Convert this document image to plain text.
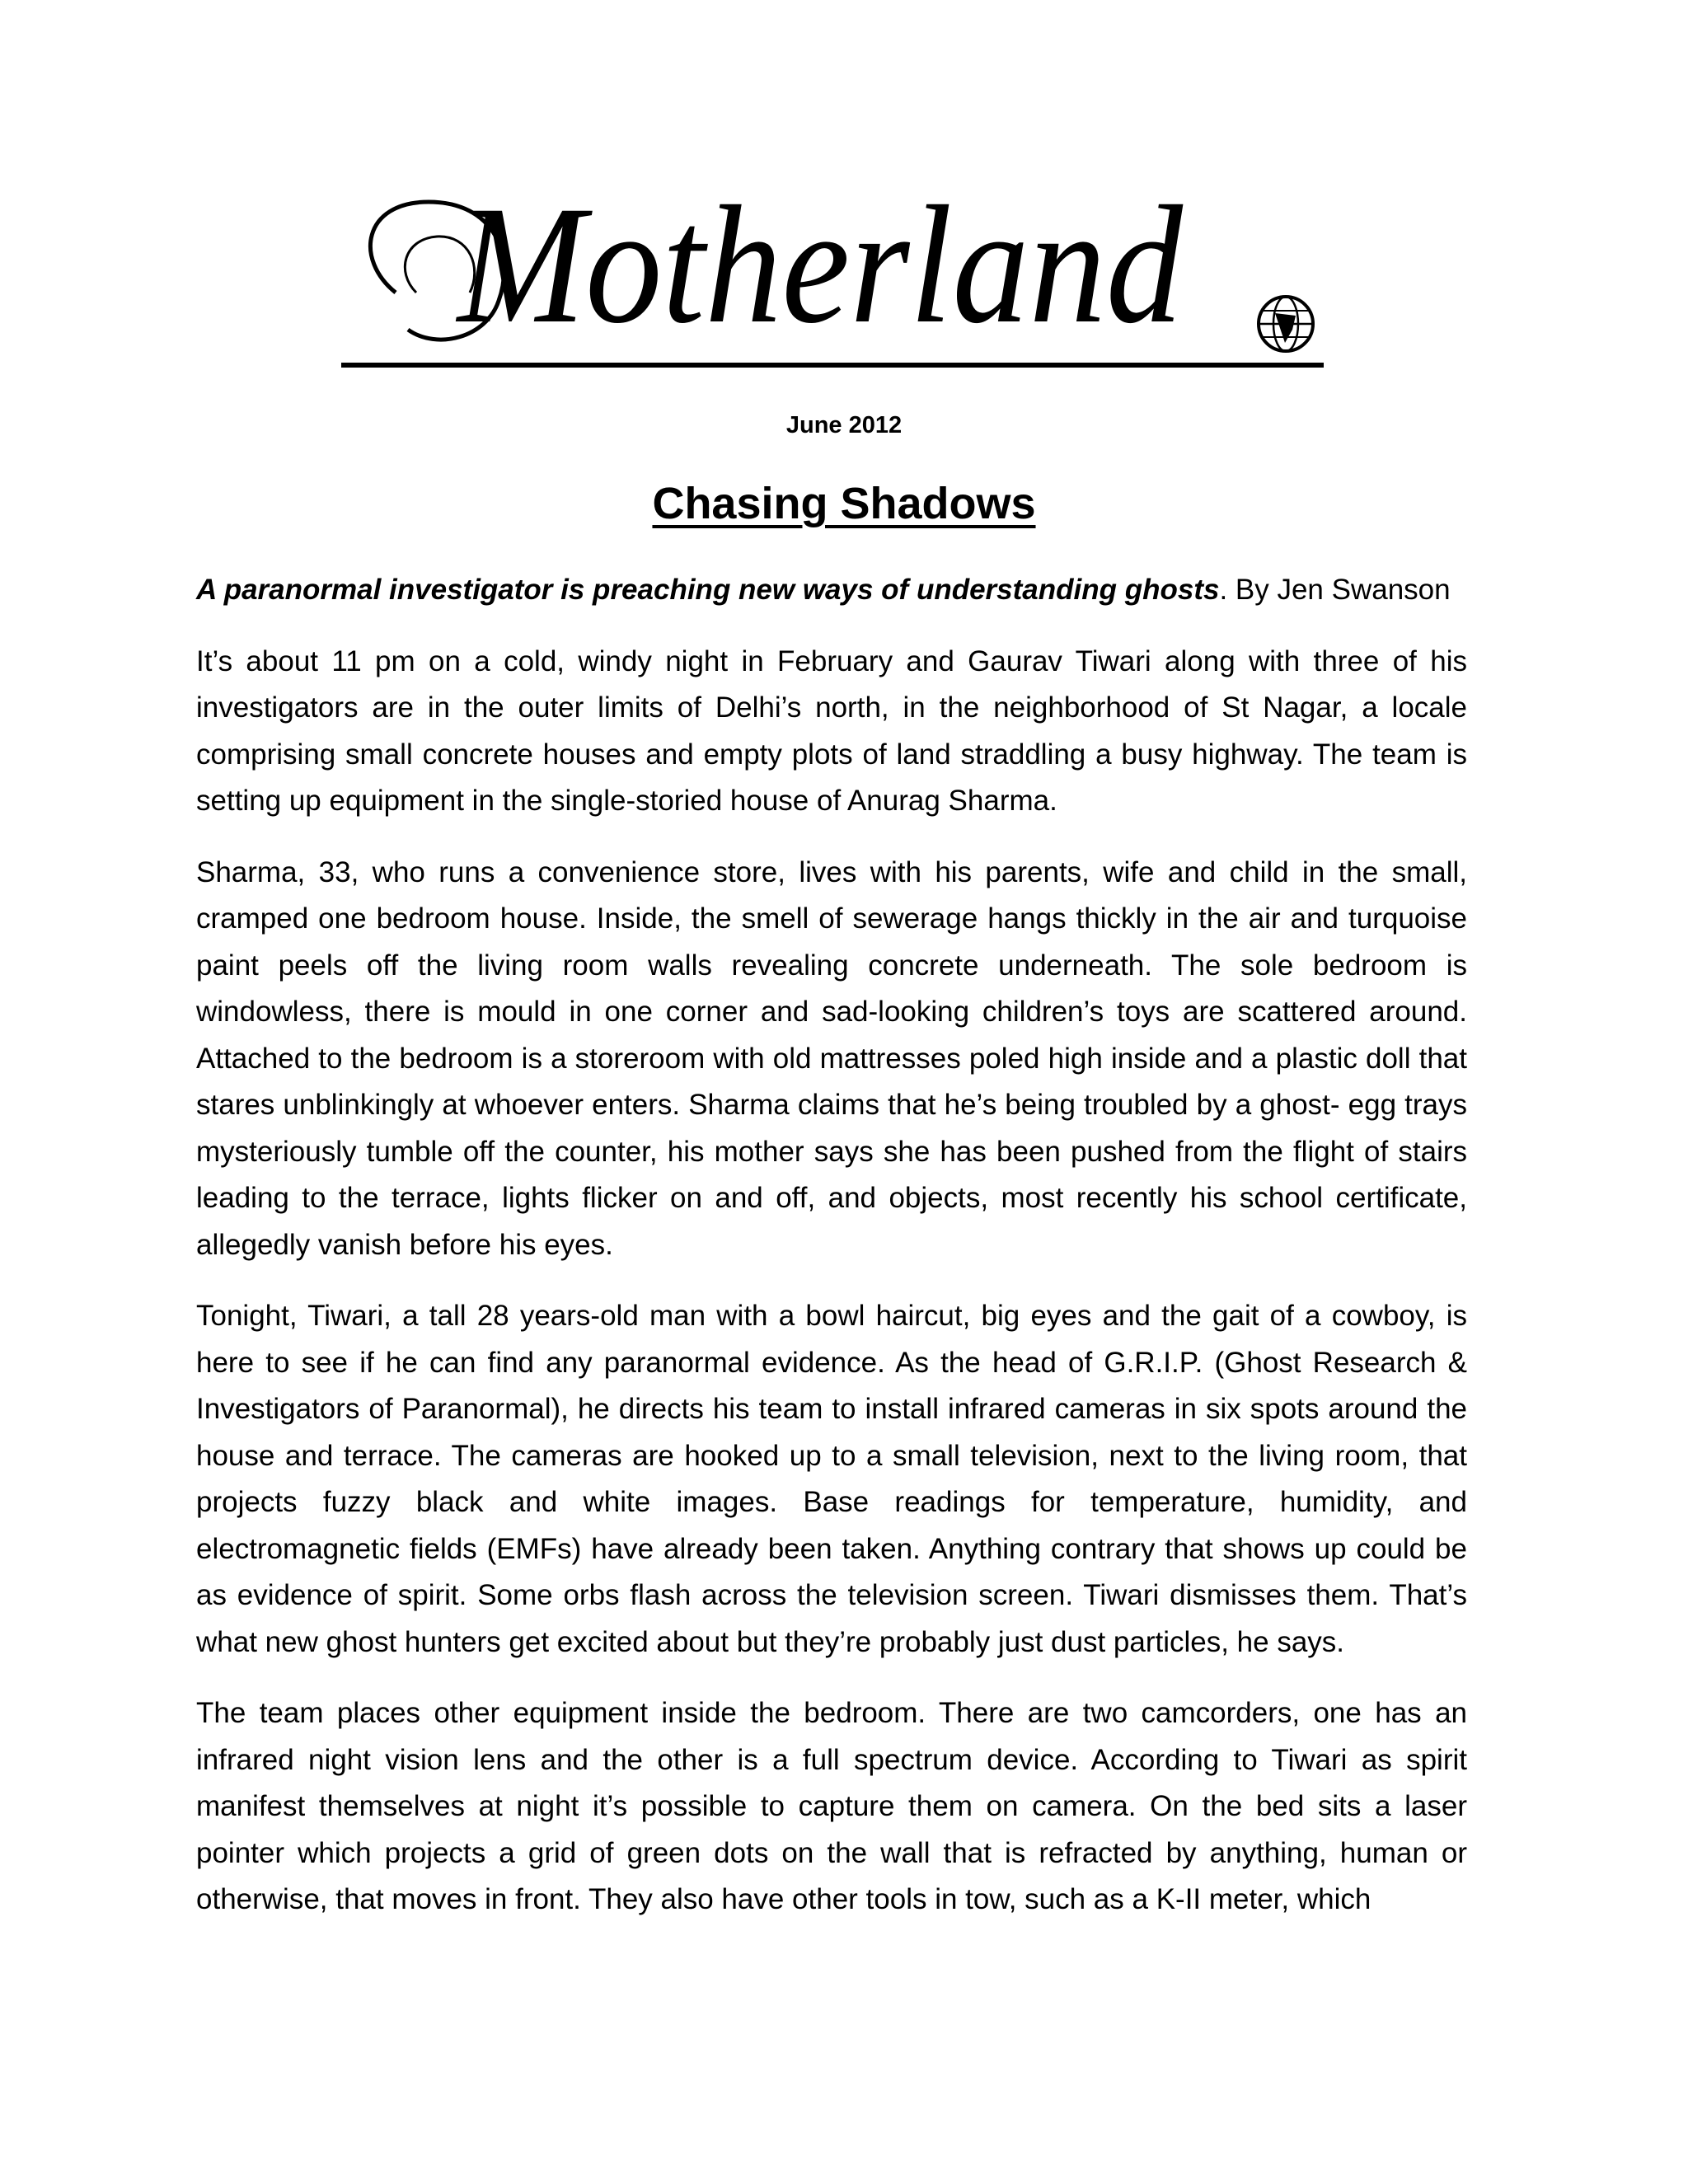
Motherland
June 2012
Chasing Shadows

A paranormal investigator is preaching new ways of understanding ghosts. By Jen Swanson

It’s about 11 pm on a cold, windy night in February and Gaurav Tiwari along with three of his investigators are in the outer limits of Delhi’s north, in the neighborhood of St Nagar, a locale comprising small concrete houses and empty plots of land straddling a busy highway. The team is setting up equipment in the single-storied house of Anurag Sharma.

Sharma, 33, who runs a convenience store, lives with his parents, wife and child in the small, cramped one bedroom house. Inside, the smell of sewerage hangs thickly in the air and turquoise paint peels off the living room walls revealing concrete underneath. The sole bedroom is windowless, there is mould in one corner and sad-looking children’s toys are scattered around. Attached to the bedroom is a storeroom with old mattresses poled high inside and a plastic doll that stares unblinkingly at whoever enters. Sharma claims that he’s being troubled by a ghost- egg trays mysteriously tumble off the counter, his mother says she has been pushed from the flight of stairs leading to the terrace, lights flicker on and off, and objects, most recently his school certificate, allegedly vanish before his eyes.

Tonight, Tiwari, a tall 28 years-old man with a bowl haircut, big eyes and the gait of a cowboy, is here to see if he can find any paranormal evidence. As the head of G.R.I.P. (Ghost Research & Investigators of Paranormal), he directs his team to install infrared cameras in six spots around the house and terrace. The cameras are hooked up to a small television, next to the living room, that projects fuzzy black and white images. Base readings for temperature, humidity, and electromagnetic fields (EMFs) have already been taken. Anything contrary that shows up could be as evidence of spirit. Some orbs flash across the television screen. Tiwari dismisses them. That’s what new ghost hunters get excited about but they’re probably just dust particles, he says.

The team places other equipment inside the bedroom. There are two camcorders, one has an infrared night vision lens and the other is a full spectrum device. According to Tiwari as spirit manifest themselves at night it’s possible to capture them on camera. On the bed sits a laser pointer which projects a grid of green dots on the wall that is refracted by anything, human or otherwise, that moves in front. They also have other tools in tow, such as a K-II meter, which
